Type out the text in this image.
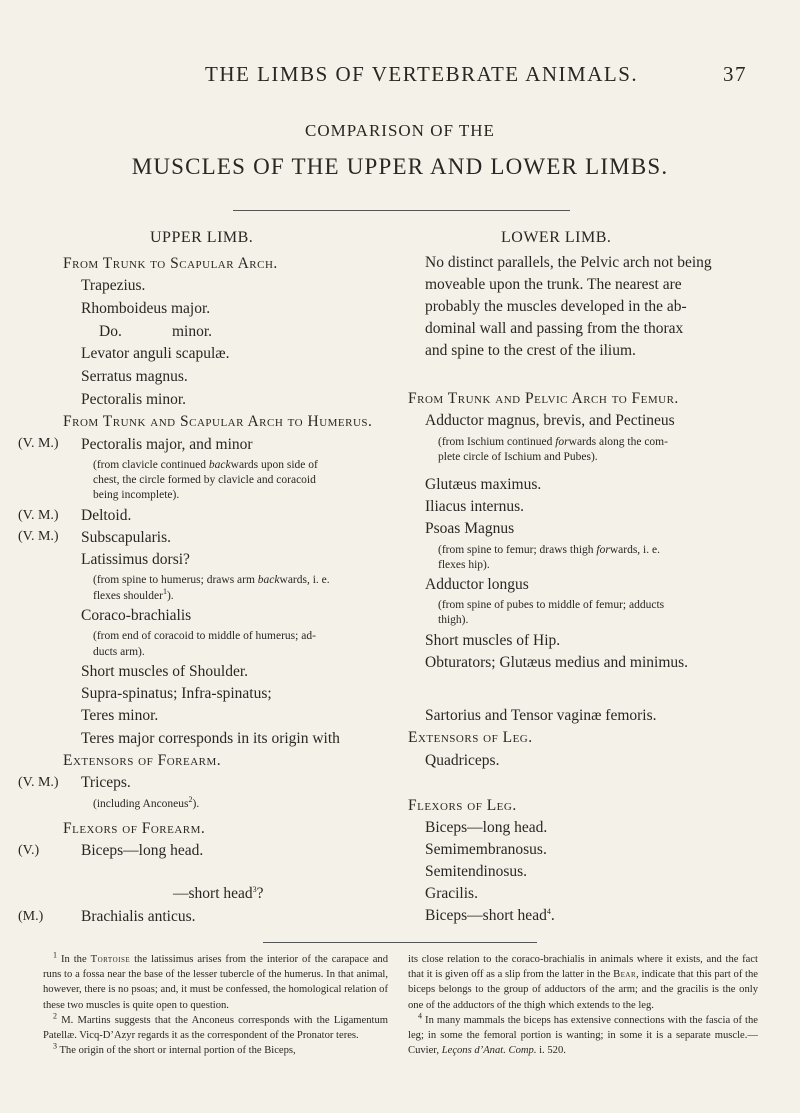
THE LIMBS OF VERTEBRATE ANIMALS.	37
COMPARISON OF THE
MUSCLES OF THE UPPER AND LOWER LIMBS.
UPPER LIMB.
From Trunk to Scapular Arch.
Trapezius.
Rhomboideus major.
Do.	minor.
Levator anguli scapulæ.
Serratus magnus.
Pectoralis minor.
From Trunk and Scapular Arch to Humerus.
(V. M.) Pectoralis major, and minor
(from clavicle continued backwards upon side of
chest, the circle formed by clavicle and coracoid
being incomplete).
(V. M.) Deltoid.
(V. M.) Subscapularis.
Latissimus dorsi?
(from spine to humerus; draws arm backwards, i. e.
flexes shoulder$^1$).
Coraco-brachialis
(from end of coracoid to middle of humerus; ad-
ducts arm).
Short muscles of Shoulder.
Supra-spinatus; Infra-spinatus;
Teres minor.
Teres major corresponds in its origin with
Extensors of Forearm.
(V. M.) Triceps.
(including Anconeus$^2$).
Flexors of Forearm.
(V.)	Biceps—long head.
—short head$^3$?
(M.) Brachialis anticus.
LOWER LIMB.
No distinct parallels, the Pelvic arch not being
moveable upon the trunk. The nearest are
probably the muscles developed in the ab-
dominal wall and passing from the thorax
and spine to the crest of the ilium.
From Trunk and Pelvic Arch to Femur.
Adductor magnus, brevis, and Pectineus
(from Ischium continued forwards along the com-
plete circle of Ischium and Pubes).
Glutæus maximus.
Iliacus internus.
Psoas Magnus
(from spine to femur; draws thigh forwards, i. e.
flexes hip).
Adductor longus
(from spine of pubes to middle of femur; adducts
thigh).
Short muscles of Hip.
Obturators; Glutæus medius and minimus.
Sartorius and Tensor vaginæ femoris.
Extensors of Leg.
Quadriceps.
Flexors of Leg.
Biceps—long head.
Semimembranosus.
Semitendinosus.
Gracilis.
Biceps—short head$^4$.

$^1$ In the Tortoise the latissimus arises from the interior of the carapace and runs to a fossa near the base of the lesser tubercle of the humerus. In that animal, however, there is no psoas; and, it must be confessed, the homological relation of these two muscles is quite open to question.

$^2$ M. Martins suggests that the Anconeus corresponds with the Ligamentum Patellæ. Vicq-D’Azyr regards it as the correspondent of the Pronator teres.

$^3$ The origin of the short or internal portion of the Biceps,

its close relation to the coraco-brachialis in animals where it exists, and the fact that it is given off as a slip from the latter in the Bear, indicate that this part of the biceps belongs to the group of adductors of the arm; and the gracilis is the only one of the adductors of the thigh which extends to the leg.

$^4$ In many mammals the biceps has extensive connections with the fascia of the leg; in some the femoral portion is wanting; in some it is a separate muscle.—Cuvier, Leçons d’Anat. Comp. i. 520.
